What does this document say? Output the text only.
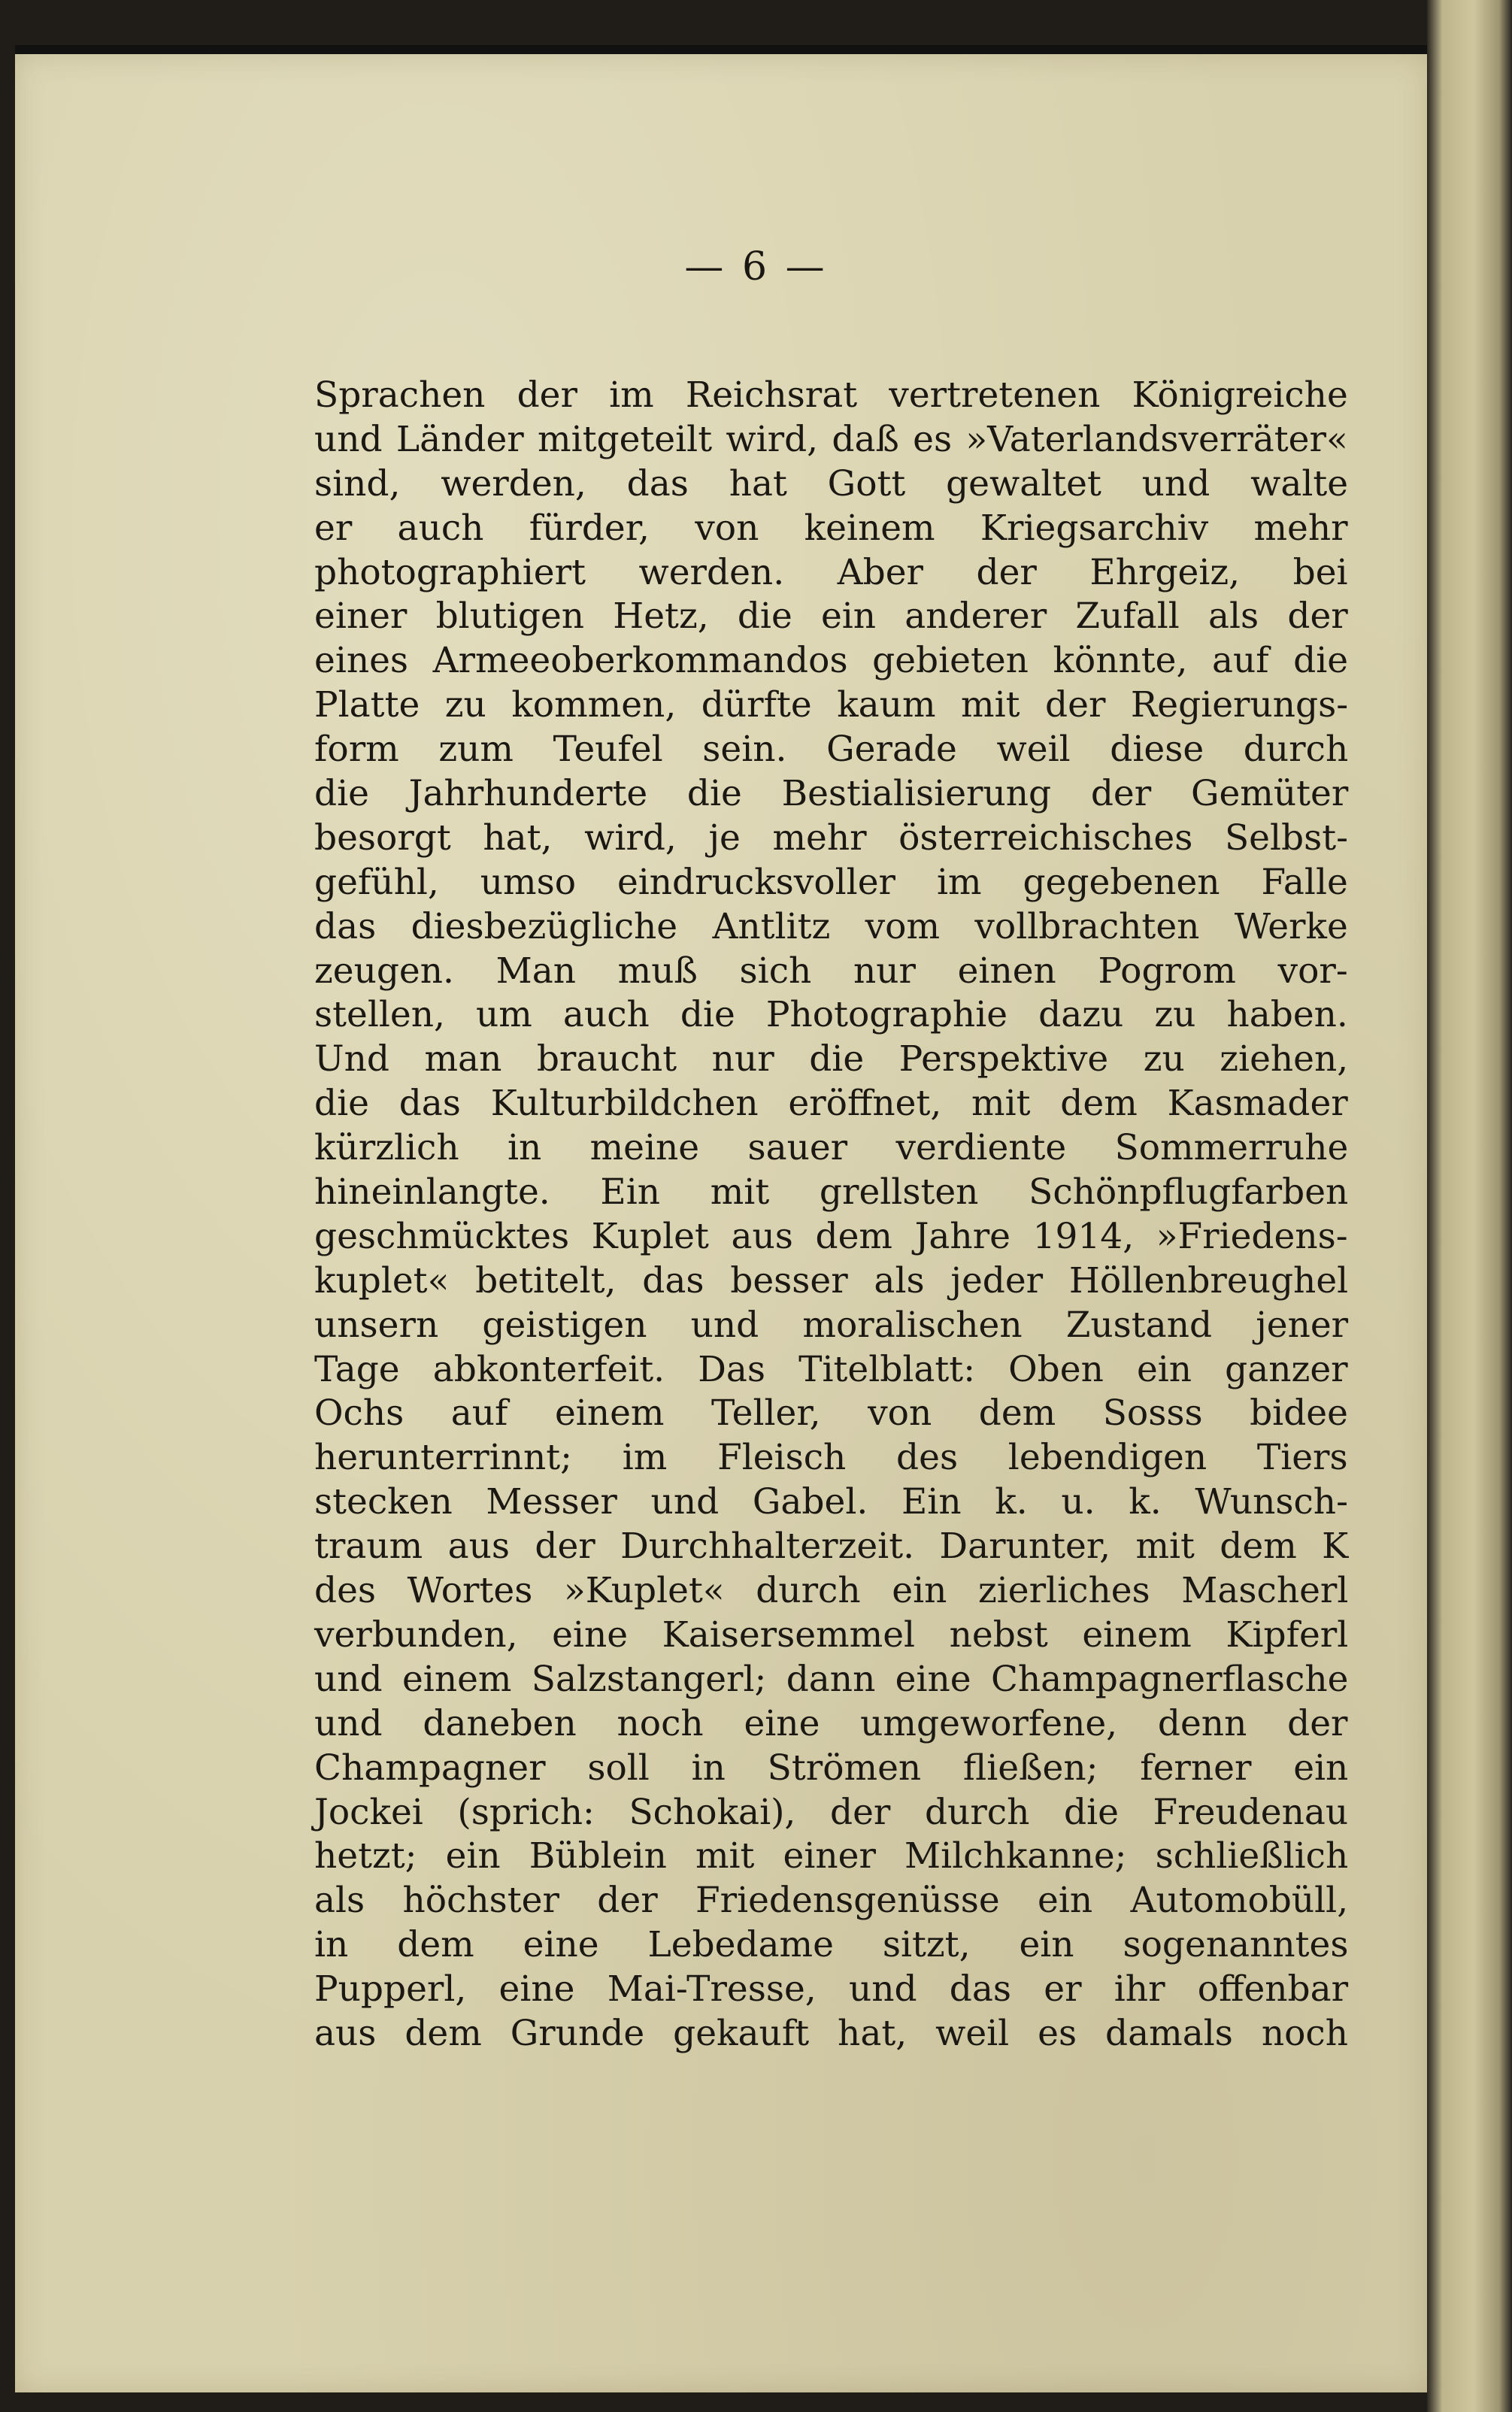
— 6 —
Sprachen der im Reichsrat vertretenen Königreiche
und Länder mitgeteilt wird, daß es »Vaterlandsverräter«
sind, werden, das hat Gott gewaltet und walte
er auch fürder, von keinem Kriegsarchiv mehr
photographiert werden. Aber der Ehrgeiz, bei
einer blutigen Hetz, die ein anderer Zufall als der
eines Armeeoberkommandos gebieten könnte, auf die
Platte zu kommen, dürfte kaum mit der Regierungs-
form zum Teufel sein. Gerade weil diese durch
die Jahrhunderte die Bestialisierung der Gemüter
besorgt hat, wird, je mehr österreichisches Selbst-
gefühl, umso eindrucksvoller im gegebenen Falle
das diesbezügliche Antlitz vom vollbrachten Werke
zeugen. Man muß sich nur einen Pogrom vor-
stellen, um auch die Photographie dazu zu haben.
Und man braucht nur die Perspektive zu ziehen,
die das Kulturbildchen eröffnet, mit dem Kasmader
kürzlich in meine sauer verdiente Sommerruhe
hineinlangte. Ein mit grellsten Schönpflugfarben
geschmücktes Kuplet aus dem Jahre 1914, »Friedens-
kuplet« betitelt, das besser als jeder Höllenbreughel
unsern geistigen und moralischen Zustand jener
Tage abkonterfeit. Das Titelblatt: Oben ein ganzer
Ochs auf einem Teller, von dem Sosss bidee
herunterrinnt; im Fleisch des lebendigen Tiers
stecken Messer und Gabel. Ein k. u. k. Wunsch-
traum aus der Durchhalterzeit. Darunter, mit dem K
des Wortes »Kuplet« durch ein zierliches Mascherl
verbunden, eine Kaisersemmel nebst einem Kipferl
und einem Salzstangerl; dann eine Champagnerflasche
und daneben noch eine umgeworfene, denn der
Champagner soll in Strömen fließen; ferner ein
Jockei (sprich: Schokai), der durch die Freudenau
hetzt; ein Büblein mit einer Milchkanne; schließlich
als höchster der Friedensgenüsse ein Automobüll,
in dem eine Lebedame sitzt, ein sogenanntes
Pupperl, eine Mai-Tresse, und das er ihr offenbar
aus dem Grunde gekauft hat, weil es damals noch
